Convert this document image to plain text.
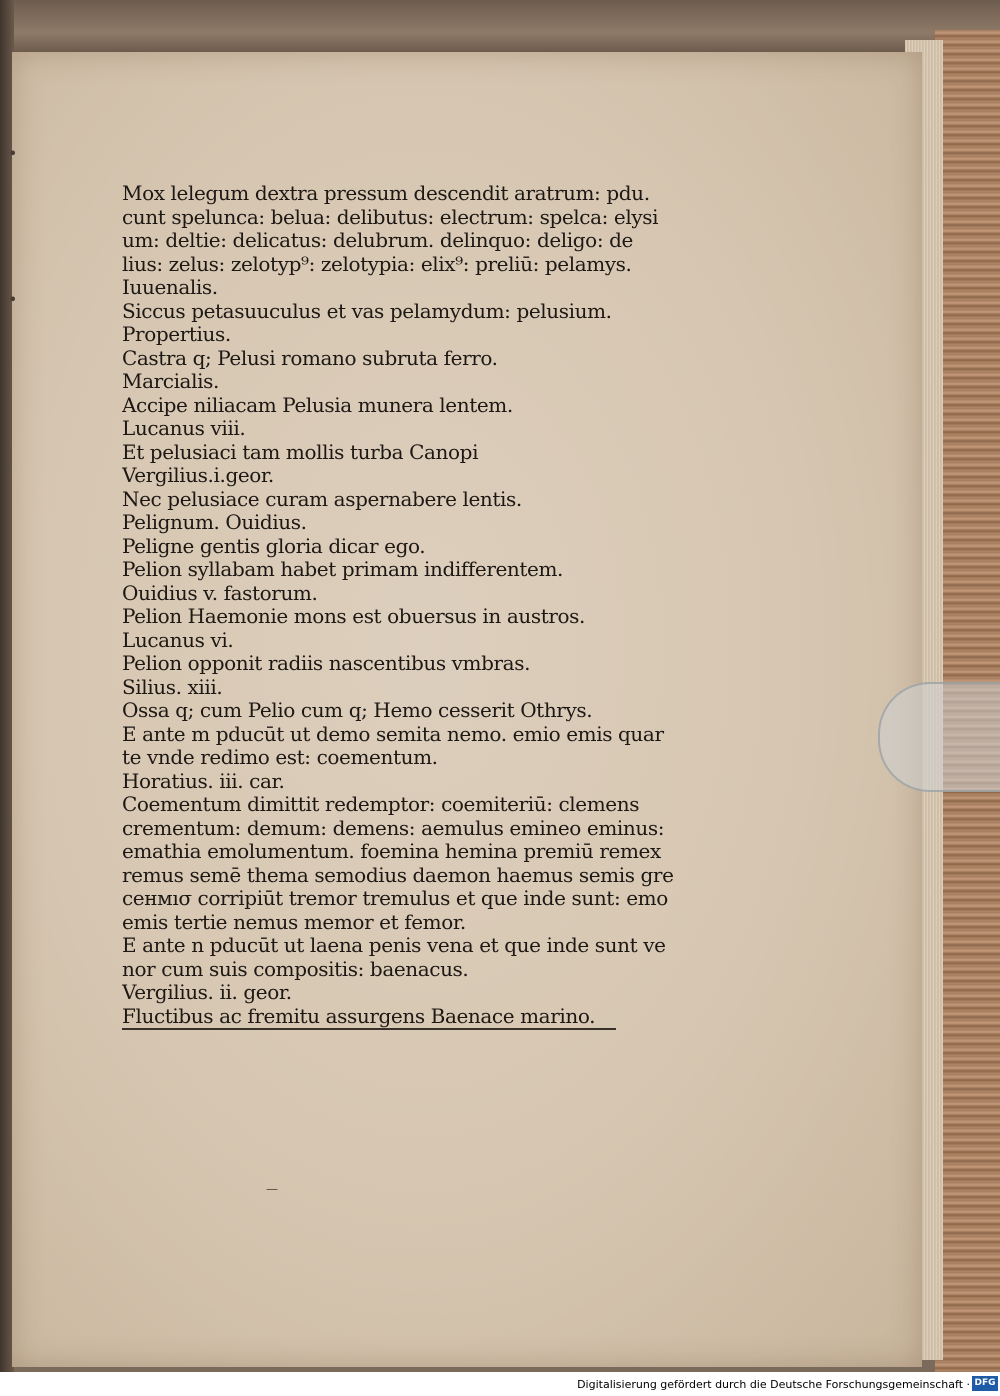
•
•
—
Mox lelegum dextra pressum descendit aratrum: pdu․
cunt spelunca: belua: delibutus: electrum: spelca: elysi
um: deltie: delicatus: delubrum. delinquo: deligo: de
lius: zelus: zelotyp⁹: zelotypia: elix⁹: preliū: pelamys.
Iuuenalis.
Siccus petasuuculus et vas pelamydum: pelusium.
Propertius.
Castra q; Pelusi romano subruta ferro.
Marcialis.
Accipe niliacam Pelusia munera lentem.
Lucanus viii.
Et pelusiaci tam mollis turba Canopi
Vergilius.i.geor.
Nec pelusiace curam aspernabere lentis.
Pelignum. Ouidius.
Peligne gentis gloria dicar ego.
Pelion syllabam habet primam indifferentem.
Ouidius v. fastorum.
Pelion Haemonie mons est obuersus in austros.
Lucanus vi.
Pelion opponit radiis nascentibus vmbras.
Silius. xiii.
Ossa q; cum Pelio cum q; Hemo cesserit Othrys.
E ante m pducūt ut demo semita nemo. emio emis quar
te vnde redimo est: coementum.
Horatius. iii. car.
Coementum dimittit redemptor: coemiteriū: clemens
crementum: demum: demens: aemulus emineo eminus:
emathia emolumentum. foemina hemina premiū remex
remus semē thema semodius daemon haemus semis gre
ceнмıσ corripiūt tremor tremulus et que inde sunt: emo
emis tertie nemus memor et femor.
E ante n pducūt ut laena penis vena et que inde sunt ve
nor cum suis compositis: baenacus.
Vergilius. ii. geor.
Fluctibus ac fremitu assurgens Baenace marino.
Digitalisierung gefördert durch die Deutsche Forschungsgemeinschaft · DFG
